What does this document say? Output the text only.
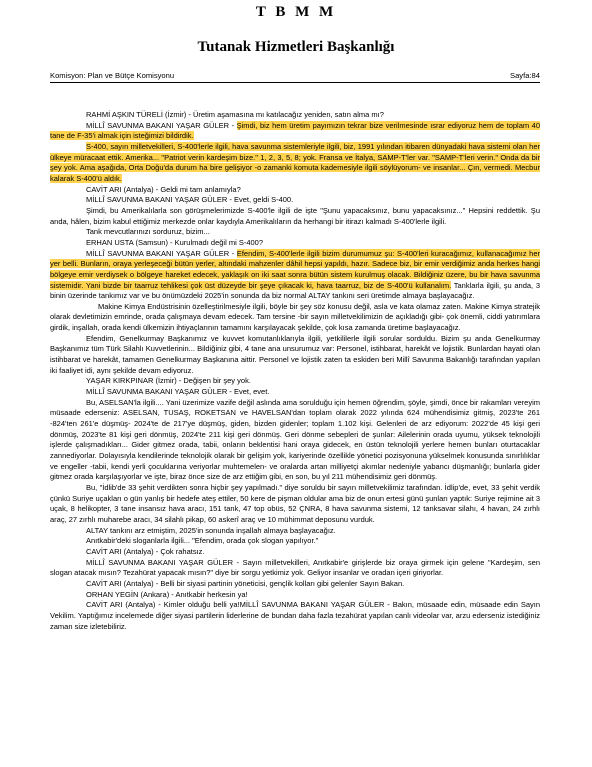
T B M M
Tutanak Hizmetleri Başkanlığı
Komisyon: Plan ve Bütçe Komisyonu	Sayfa:84

RAHMİ AŞKIN TÜRELİ (İzmir) - Üretim aşamasına mı katılacağız yeniden, satın alma mı?

MİLLÎ SAVUNMA BAKANI YAŞAR GÜLER - Şimdi, biz hem üretim payımızın tekrar bize verilmesinde ısrar ediyoruz hem de toplam 40 tane de F-35'i almak için isteğimizi bildirdik.

S-400, sayın milletvekilleri, S-400'lerle ilgili, hava savunma sistemleriyle ilgili, biz, 1991 yılından itibaren dünyadaki hava sistemi olan her ülkeye müracaat ettik. Amerika... "Patriot verin kardeşim bize." 1, 2, 3, 5, 8; yok. Fransa ve İtalya, SAMP-T'ler var. "SAMP-T'leri verin." Onda da bir şey yok. Ama aşağıda, Orta Doğu'da durum ha bire gelişiyor -o zamanki komuta kademesiyle ilgili söylüyorum- ve insanlar... Çın, vermedi. Mecbur kalarak S-400'ü aldık.

CAVİT ARI (Antalya) - Geldi mi tam anlamıyla?

MİLLÎ SAVUNMA BAKANI YAŞAR GÜLER - Evet, geldi S-400.

Şimdi, bu Amerikalılarla son görüşmelerimizde S-400'le ilgili de işte "Şunu yapacaksınız, bunu yapacaksınız..." Hepsini reddettik. Şu anda, hâlen, bizim kabul ettiğimiz merkezde onlar kaydıyla Amerikalıların da herhangi bir itirazı kalmadı S-400'lerle ilgili.

Tank mevcutlarınızı sorduruz, bizim...

ERHAN USTA (Samsun) - Kurulmadı değil mi S-400?

MİLLÎ SAVUNMA BAKANI YAŞAR GÜLER - Efendim, S-400'lerle ilgili bizim durumumuz şu: S-400'leri kuracağımız, kullanacağımız her yer belli. Bunların, oraya yerleşeceği bütün yerler, altındaki mahzenler dâhil hepsi yapıldı, hazır. Sadece biz, bir emir verdiğimiz anda herkes hangi bölgeye emir verdiysek o bölgeye hareket edecek, yaklaşık on iki saat sonra bütün sistem kurulmuş olacak. Bildiğiniz üzere, bu bir hava savunma sistemidir. Yani bizde bir taarruz tehlikesi çok üst düzeyde bir şeye çıkacak ki, hava taarruz, biz de S-400'ü kullanalım. Tanklarla ilgili, şu anda, 3 binin üzerinde tankımız var ve bu önümüzdeki 2025'in sonunda da biz normal ALTAY tankını seri üretimde almaya başlayacağız.

Makine Kimya Endüstrisinin özelleştirilmesiyle ilgili, böyle bir şey söz konusu değil, asla ve kata olamaz zaten. Makine Kimya stratejik olarak devletimizin emrinde, orada çalışmaya devam edecek. Tam tersine -bir sayın milletvekilimizin de açıkladığı gibi- çok önemli, ciddi yatırımlara girdik, inşallah, orada kendi ülkemizin ihtiyaçlarının tamamını karşılayacak şekilde, çok kısa zamanda üretime başlayacağız.

Efendim, Genelkurmay Başkanımız ve kuvvet komutanlıklarıyla ilgili, yetkililerle ilgili sorular sorduldu. Bizim şu anda Genelkurmay Başkanımız tüm Türk Silahlı Kuvvetlerinin... Bildiğiniz gibi, 4 tane ana unsurumuz var: Personel, istihbarat, harekât ve lojistik. Bunlardan hayati olan istihbarat ve harekât, tamamen Genelkurmay Başkanına aittir. Personel ve lojistik zaten ta eskiden beri Millî Savunma Bakanlığı tarafından yapılan iki faaliyet idi, aynı şekilde devam ediyoruz.

YAŞAR KIRKPINAR (İzmir) - Değişen bir şey yok.

MİLLÎ SAVUNMA BAKANI YAŞAR GÜLER - Evet, evet.

Bu, ASELSAN'la ilgili.... Yani üzerimize vazife değil aslında ama sorulduğu için hemen öğrendim, şöyle, şimdi, önce bir rakamları vereyim müsaade ederseniz: ASELSAN, TUSAŞ, ROKETSAN ve HAVELSAN'dan toplam olarak 2022 yılında 624 mühendisimiz gitmiş, 2023'te 261 -824'ten 261'e düşmüş- 2024'te de 217'ye düşmüş, giden, bizden gidenler; toplam 1.102 kişi. Gelenleri de arz ediyorum: 2022'de 45 kişi geri dönmüş, 2023'te 81 kişi geri dönmüş, 2024'te 211 kişi geri dönmüş. Geri dönme sebepleri de şunlar: Ailelerinin orada uyumu, yüksek teknolojili işlerde çalışmadıkları... Gider gitmez orada, tabii, onların beklentisi hani oraya gidecek, en üstün teknolojili yerlere hemen bunları oturtacaklar zannediyorlar. Dolayısıyla kendilerinde teknolojik olarak bir gelişim yok, kariyerinde özellikle yönetici pozisyonuna yükselmek konusunda sınırlılıklar ve engeller -tabii, kendi yerli çocuklarına veriyorlar muhtemelen- ve oralarda artan milliyetçi akımlar nedeniyle yabancı düşmanlığı; bunlarla gider gitmez orada karşılaşıyorlar ve işte, biraz önce size de arz ettiğim gibi, en son, bu yıl 211 mühendisimiz geri dönmüş.

Bu, "İdlib'de 33 şehit verdikten sonra hiçbir şey yapılmadı." diye soruldu bir sayın milletvekilimiz tarafından. İdlip'de, evet, 33 şehit verdik çünkü Suriye uçakları o gün yanlış bir hedefe ateş ettiler, 50 kere de pişman oldular ama biz de onun ertesi günü şunları yaptık: Suriye rejimine ait 3 uçak, 8 helikopter, 3 tane insansız hava aracı, 151 tank, 47 top obüs, 52 ÇNRA, 8 hava savunma sistemi, 12 tanksavar silahı, 4 havan, 24 zırhlı araç, 27 zırhlı muharebe aracı, 34 silahlı pikap, 60 askerî araç ve 10 mühimmat deposunu vurduk.

ALTAY tankını arz etmiştim, 2025'in sonunda inşallah almaya başlayacağız.

Anıtkabir'deki sloganlarla ilgili... "Efendim, orada çok slogan yapılıyor."

CAVİT ARI (Antalya) - Çok rahatsız.

MİLLÎ SAVUNMA BAKANI YAŞAR GÜLER - Sayın milletvekilleri, Anıtkabir'e girişlerde biz oraya girmek için gelene "Kardeşim, sen slogan atacak mısın? Tezahürat yapacak mısın?" diye bir sorgu yetkimiz yok. Geliyor insanlar ve oradan içeri giriyorlar.

CAVİT ARI (Antalya) - Belli bir siyasi partinin yöneticisi, gençlik kolları gibi gelenler Sayın Bakan.

ORHAN YEGİN (Ankara) - Anıtkabir herkesin ya!

CAVİT ARI (Antalya) - Kimler olduğu belli ya!MİLLÎ SAVUNMA BAKANI YAŞAR GÜLER - Bakın, müsaade edin, müsaade edin Sayın Vekilim. Yaptığımız incelemede diğer siyasi partilerin liderlerine de bundan daha fazla tezahürat yapılan canlı videolar var, arzu ederseniz istediğiniz zaman size izletebiliriz.
